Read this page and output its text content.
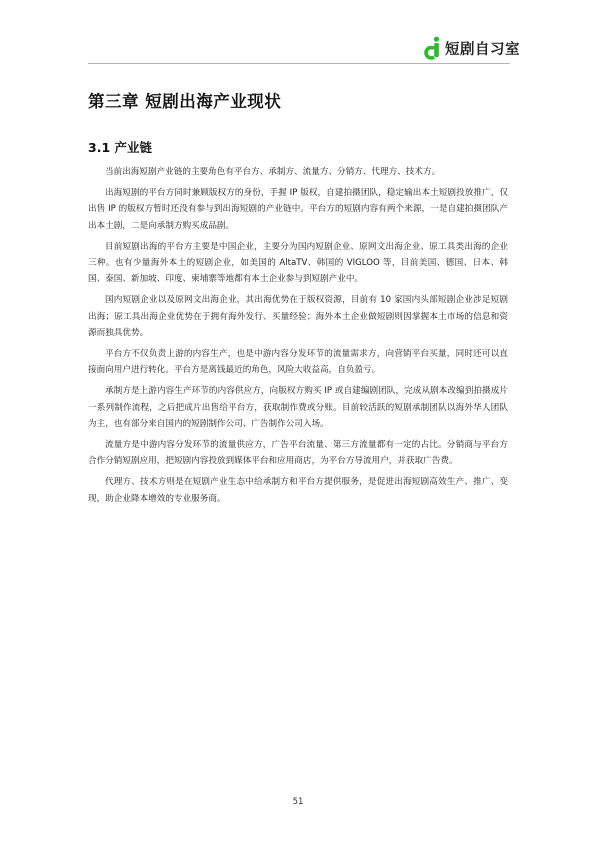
短剧自习室
第三章 短剧出海产业现状
3.1 产业链

当前出海短剧产业链的主要角色有平台方、承制方、流量方、分销方、代理方、技术方。

出海短剧的平台方同时兼顾版权方的身份，手握 IP 版权，自建拍摄团队，稳定输出本土短剧投放推广，仅出售 IP 的版权方暂时还没有参与到出海短剧的产业链中。平台方的短剧内容有两个来源，一是自建拍摄团队产出本土剧，二是向承制方购买成品剧。

目前短剧出海的平台方主要是中国企业，主要分为国内短剧企业、原网文出海企业、原工具类出海的企业三种。也有少量海外本土的短剧企业，如美国的 AltaTV、韩国的 VIGLOO 等，目前美国、德国、日本、韩国、泰国、新加坡、印度、柬埔寨等地都有本土企业参与到短剧产业中。

国内短剧企业以及原网文出海企业，其出海优势在于版权资源，目前有 10 家国内头部短剧企业涉足短剧出海；原工具出海企业优势在于拥有海外发行、买量经验；海外本土企业做短剧则因掌握本土市场的信息和资源而独具优势。

平台方不仅负责上游的内容生产，也是中游内容分发环节的流量需求方，向营销平台买量，同时还可以直接面向用户进行转化。平台方是离钱最近的角色，风险大收益高，自负盈亏。

承制方是上游内容生产环节的内容供应方，向版权方购买 IP 或自建编剧团队，完成从剧本改编到拍摄成片一系列制作流程，之后把成片出售给平台方，获取制作费或分账。目前较活跃的短剧承制团队以海外华人团队为主，也有部分来自国内的短剧制作公司、广告制作公司入场。

流量方是中游内容分发环节的流量供应方，广告平台流量、第三方流量都有一定的占比。分销商与平台方合作分销短剧应用，把短剧内容投放到媒体平台和应用商店，为平台方导流用户，并获取广告费。

代理方、技术方则是在短剧产业生态中给承制方和平台方提供服务，是促进出海短剧高效生产、推广、变现，助企业降本增效的专业服务商。

51
